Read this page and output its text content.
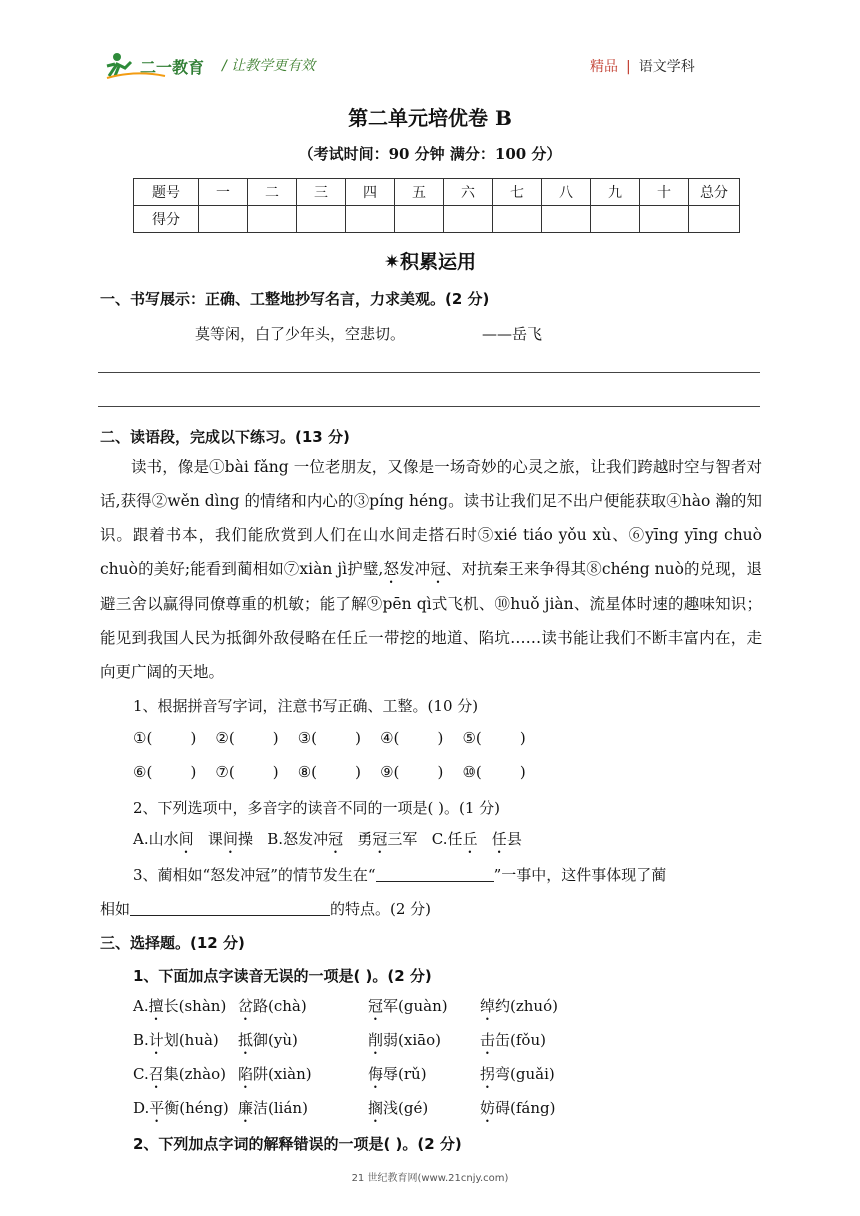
二一教育 / 让教学更有效	精品 | 语文学科
第二单元培优卷 B
（考试时间：90 分钟 满分：100 分）
题号	一	二	三	四	五	六	七	八	九	十	总分
得分											
✷积累运用
一、书写展示：正确、工整地抄写名言，力求美观。(2 分)
莫等闲，白了少年头，空悲切。	——岳飞
二、读语段，完成以下练习。(13 分)
读书，像是①bài fǎng 一位老朋友，又像是一场奇妙的心灵之旅，让我们跨越时空与智者对话,获得②wěn dìng 的情绪和内心的③píng héng。读书让我们足不出户便能获取④hào 瀚的知识。跟着书本，我们能欣赏到人们在山水间走搭石时⑤xié tiáo yǒu xù、⑥yīng yīng chuò chuò的美好;能看到蔺相如⑦xiàn jì护璧,怒发冲冠、对抗秦王来争得其⑧chéng nuò的兑现，退避三舍以赢得同僚尊重的机敏；能了解⑨pēn qì式飞机、⑩huǒ jiàn、流星体时速的趣味知识；能见到我国人民为抵御外敌侵略在任丘一带挖的地道、陷坑……读书能让我们不断丰富内在，走向更广阔的天地。
1、根据拼音写字词，注意书写正确、工整。(10 分)
①(        )    ②(        )    ③(        )    ④(        )    ⑤(        )
⑥(        )    ⑦(        )    ⑧(        )    ⑨(        )    ⑩(        )
2、下列选项中，多音字的读音不同的一项是( )。(1 分)
A.山水间   课间操 B.怒发冲冠   勇冠三军 C.任丘 任县
3、蔺相如“怒发冲冠”的情节发生在“	”一事中，这件事体现了蔺
相如	的特点。(2 分)
三、选择题。(12 分)
1、下面加点字读音无误的一项是( )。(2 分)
A.擅长(shàn) 岔路(chà)	冠军(guàn) 绰约(zhuó)
B.计划(huà) 抵御(yù)	削弱(xiāo)	击缶(fǒu)
C.召集(zhào) 陷阱(xiàn)	侮辱(rǔ)	拐弯(guǎi)
D.平衡(héng) 廉洁(lián)	搁浅(gé)	妨碍(fáng)
2、下列加点字词的解释错误的一项是( )。(2 分)
21 世纪教育网(www.21cnjy.com)
